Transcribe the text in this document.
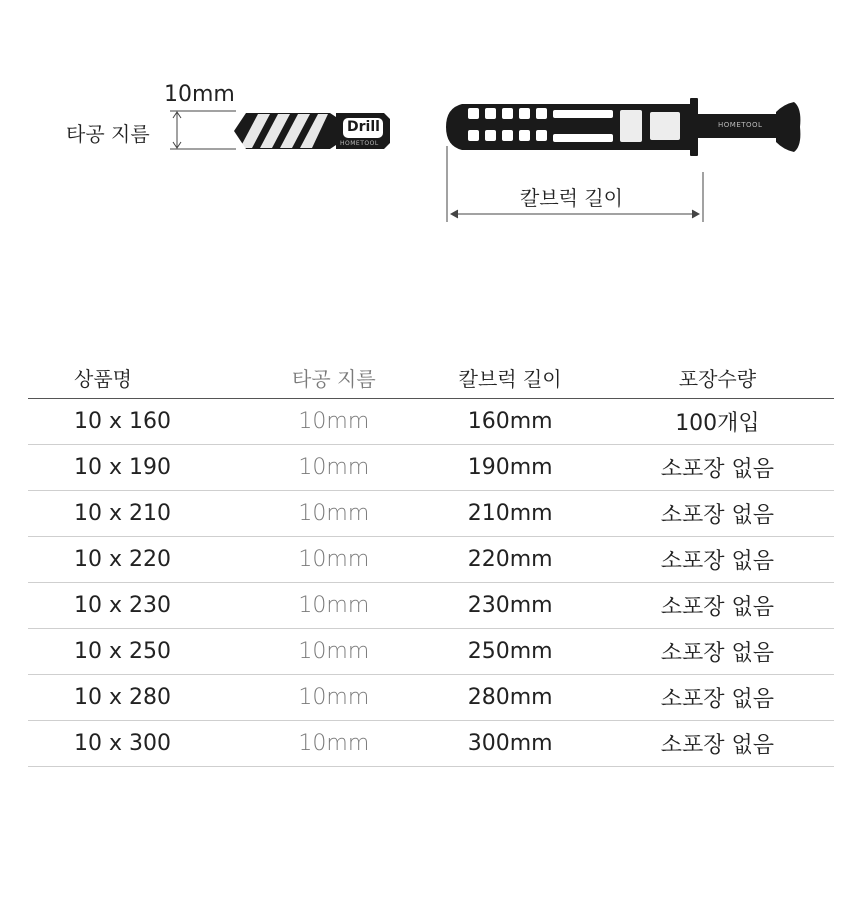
10mm
타공 지름	Drill
HOMETOOL
HOMETOOL
칼브럭 길이
상품명	타공 지름	칼브럭 길이	포장수량
10 x 160	10mm	160mm	100개입
10 x 190	10mm	190mm	소포장 없음
10 x 210	10mm	210mm	소포장 없음
10 x 220	10mm	220mm	소포장 없음
10 x 230	10mm	230mm	소포장 없음
10 x 250	10mm	250mm	소포장 없음
10 x 280	10mm	280mm	소포장 없음
10 x 300	10mm	300mm	소포장 없음
